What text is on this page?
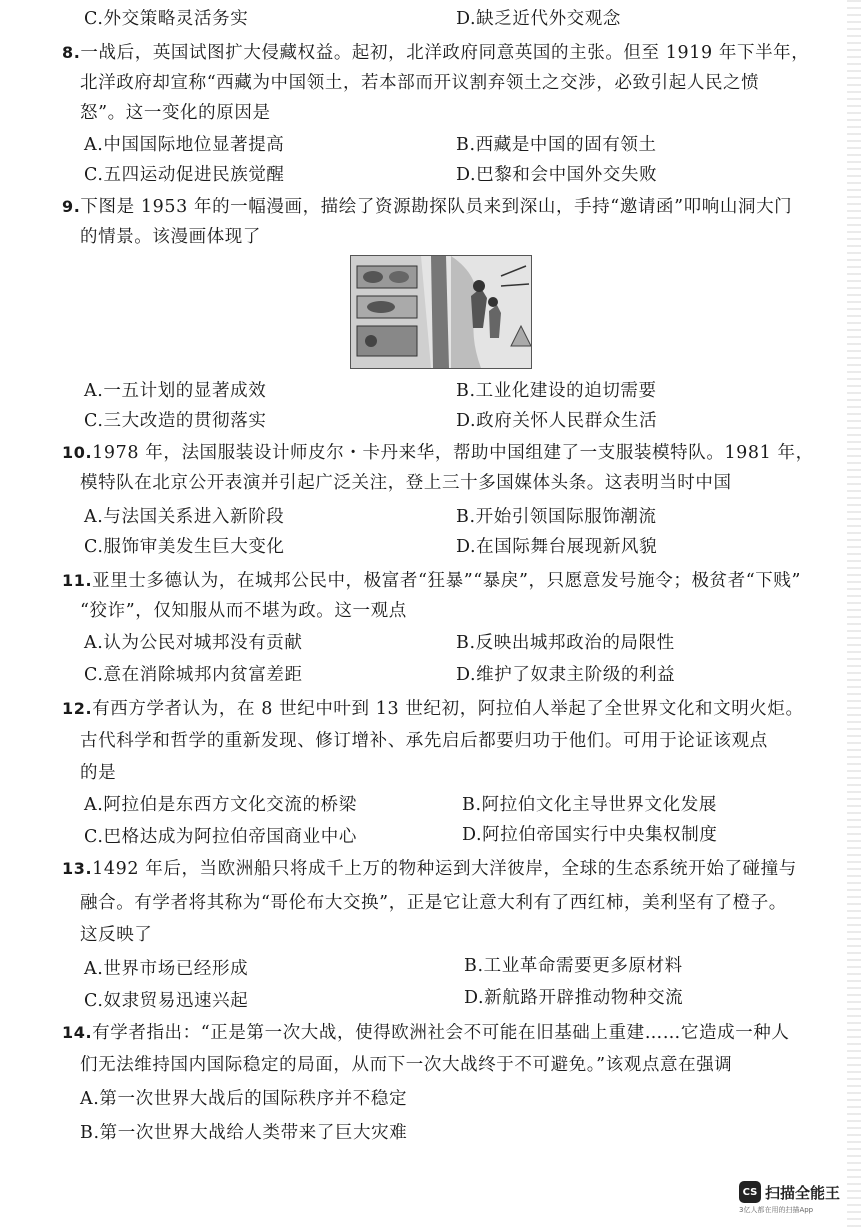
C.外交策略灵活务实	D.缺乏近代外交观念
8.一战后，英国试图扩大侵藏权益。起初，北洋政府同意英国的主张。但至 1919 年下半年，
北洋政府却宣称“西藏为中国领土，若本部而开议割弃领土之交涉，必致引起人民之愤
怒”。这一变化的原因是
A.中国国际地位显著提高	B.西藏是中国的固有领土
C.五四运动促进民族觉醒	D.巴黎和会中国外交失败
9.下图是 1953 年的一幅漫画，描绘了资源勘探队员来到深山，手持“邀请函”叩响山洞大门
的情景。该漫画体现了
A.一五计划的显著成效	B.工业化建设的迫切需要
C.三大改造的贯彻落实	D.政府关怀人民群众生活
10.1978 年，法国服装设计师皮尔・卡丹来华，帮助中国组建了一支服装模特队。1981 年，
模特队在北京公开表演并引起广泛关注，登上三十多国媒体头条。这表明当时中国
A.与法国关系进入新阶段	B.开始引领国际服饰潮流
C.服饰审美发生巨大变化	D.在国际舞台展现新风貌
11.亚里士多德认为，在城邦公民中，极富者“狂暴”“暴戾”，只愿意发号施令；极贫者“下贱”
“狡诈”，仅知服从而不堪为政。这一观点
A.认为公民对城邦没有贡献	B.反映出城邦政治的局限性
C.意在消除城邦内贫富差距	D.维护了奴隶主阶级的利益
12.有西方学者认为，在 8 世纪中叶到 13 世纪初，阿拉伯人举起了全世界文化和文明火炬。
古代科学和哲学的重新发现、修订增补、承先启后都要归功于他们。可用于论证该观点
的是
A.阿拉伯是东西方文化交流的桥梁	B.阿拉伯文化主导世界文化发展
C.巴格达成为阿拉伯帝国商业中心	D.阿拉伯帝国实行中央集权制度
13.1492 年后，当欧洲船只将成千上万的物种运到大洋彼岸，全球的生态系统开始了碰撞与
融合。有学者将其称为“哥伦布大交换”，正是它让意大利有了西红柿，美利坚有了橙子。
这反映了
A.世界市场已经形成	B.工业革命需要更多原材料
C.奴隶贸易迅速兴起	D.新航路开辟推动物种交流
14.有学者指出：“正是第一次大战，使得欧洲社会不可能在旧基础上重建……它造成一种人
们无法维持国内国际稳定的局面，从而下一次大战终于不可避免。”该观点意在强调
A.第一次世界大战后的国际秩序并不稳定
B.第一次世界大战给人类带来了巨大灾难
CS 扫描全能王
3亿人都在用的扫描App
